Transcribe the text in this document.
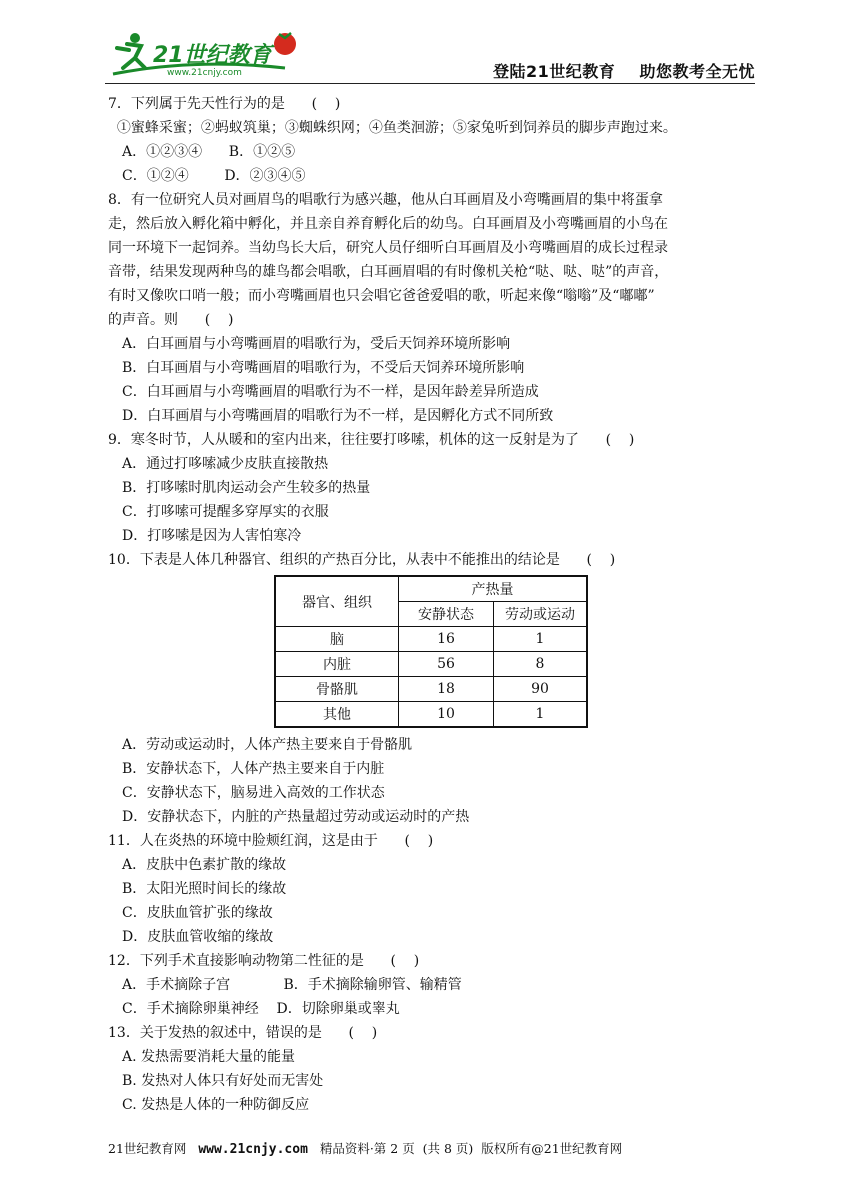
21世纪教育
www.21cnjy.com	登陆21世纪教育    助您教考全无忧
7．下列属于先天性行为的是      (    )
①蜜蜂采蜜；②蚂蚁筑巢；③蜘蛛织网；④鱼类洄游；⑤家兔听到饲养员的脚步声跑过来。
A．①②③④      B．①②⑤
C．①②④        D．②③④⑤
8．有一位研究人员对画眉鸟的唱歌行为感兴趣，他从白耳画眉及小弯嘴画眉的集中将蛋拿
走，然后放入孵化箱中孵化，并且亲自养育孵化后的幼鸟。白耳画眉及小弯嘴画眉的小鸟在
同一环境下一起饲养。当幼鸟长大后，研究人员仔细听白耳画眉及小弯嘴画眉的成长过程录
音带，结果发现两种鸟的雄鸟都会唱歌，白耳画眉唱的有时像机关枪“哒、哒、哒”的声音，
有时又像吹口哨一般；而小弯嘴画眉也只会唱它爸爸爱唱的歌，听起来像“嗡嗡”及“嘟嘟”
的声音。则      (    )
A．白耳画眉与小弯嘴画眉的唱歌行为，受后天饲养环境所影响
B．白耳画眉与小弯嘴画眉的唱歌行为，不受后天饲养环境所影响
C．白耳画眉与小弯嘴画眉的唱歌行为不一样，是因年龄差异所造成
D．白耳画眉与小弯嘴画眉的唱歌行为不一样，是因孵化方式不同所致
9．寒冬时节，人从暖和的室内出来，往往要打哆嗦，机体的这一反射是为了      (    )
A．通过打哆嗦减少皮肤直接散热
B．打哆嗦时肌肉运动会产生较多的热量
C．打哆嗦可提醒多穿厚实的衣服
D．打哆嗦是因为人害怕寒冷
10．下表是人体几种器官、组织的产热百分比，从表中不能推出的结论是      (    )
器官、组织	产热量	
	安静状态	劳动或运动
脑	16	1
内脏	56	8
骨骼肌	18	90
其他	10	1
A．劳动或运动时，人体产热主要来自于骨骼肌
B．安静状态下，人体产热主要来自于内脏
C．安静状态下，脑易进入高效的工作状态
D．安静状态下，内脏的产热量超过劳动或运动时的产热
11．人在炎热的环境中脸颊红润，这是由于      (    )
A．皮肤中色素扩散的缘故
B．太阳光照时间长的缘故
C．皮肤血管扩张的缘故
D．皮肤血管收缩的缘故
12．下列手术直接影响动物第二性征的是      (    )
A．手术摘除子宫            B．手术摘除输卵管、输精管
C．手术摘除卵巢神经    D．切除卵巢或睾丸
13．关于发热的叙述中，错误的是      (    )
A. 发热需要消耗大量的能量
B. 发热对人体只有好处而无害处
C. 发热是人体的一种防御反应
21世纪教育网   www.21cnjy.com   精品资料·第 2 页  (共 8 页)  版权所有@21世纪教育网
